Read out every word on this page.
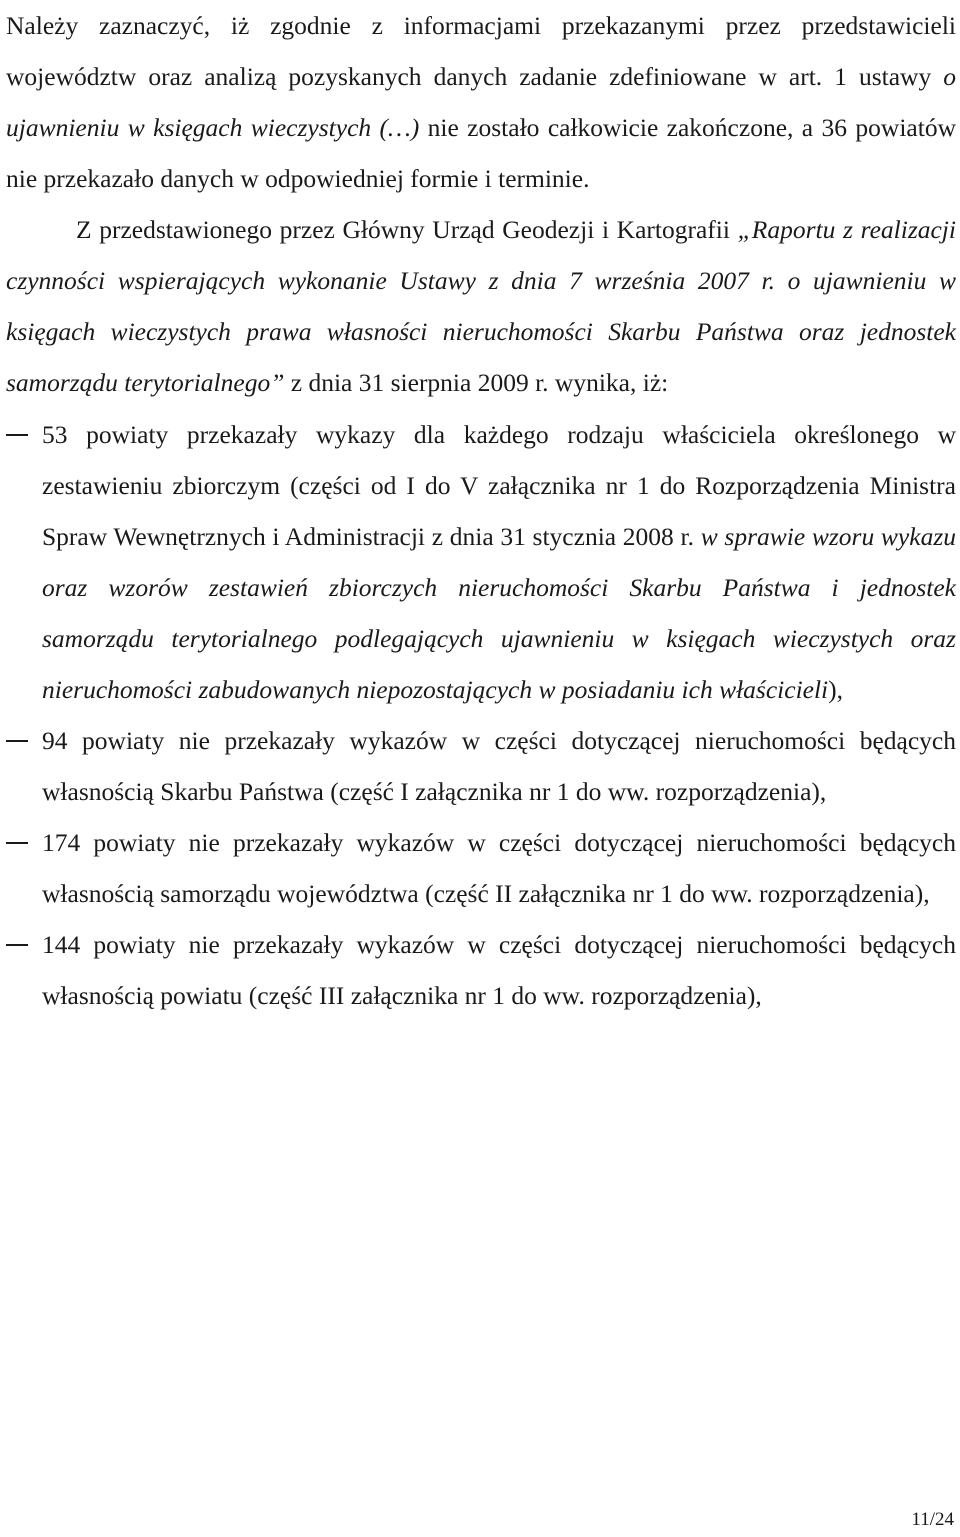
Należy zaznaczyć, iż zgodnie z informacjami przekazanymi przez przedstawicieli województw oraz analizą pozyskanych danych zadanie zdefiniowane w art. 1 ustawy o ujawnieniu w księgach wieczystych (…) nie zostało całkowicie zakończone, a 36 powiatów nie przekazało danych w odpowiedniej formie i terminie.

Z przedstawionego przez Główny Urząd Geodezji i Kartografii „Raportu z realizacji czynności wspierających wykonanie Ustawy z dnia 7 września 2007 r. o ujawnieniu w księgach wieczystych prawa własności nieruchomości Skarbu Państwa oraz jednostek samorządu terytorialnego” z dnia 31 sierpnia 2009 r. wynika, iż:

53 powiaty przekazały wykazy dla każdego rodzaju właściciela określonego w zestawieniu zbiorczym (części od I do V załącznika nr 1 do Rozporządzenia Ministra Spraw Wewnętrznych i Administracji z dnia 31 stycznia 2008 r. w sprawie wzoru wykazu oraz wzorów zestawień zbiorczych nieruchomości Skarbu Państwa i jednostek samorządu terytorialnego podlegających ujawnieniu w księgach wieczystych oraz nieruchomości zabudowanych niepozostających w posiadaniu ich właścicieli),
94 powiaty nie przekazały wykazów w części dotyczącej nieruchomości będących własnością Skarbu Państwa (część I załącznika nr 1 do ww. rozporządzenia),
174 powiaty nie przekazały wykazów w części dotyczącej nieruchomości będących własnością samorządu województwa (część II załącznika nr 1 do ww. rozporządzenia),
144 powiaty nie przekazały wykazów w części dotyczącej nieruchomości będących własnością powiatu (część III załącznika nr 1 do ww. rozporządzenia),
11/24
